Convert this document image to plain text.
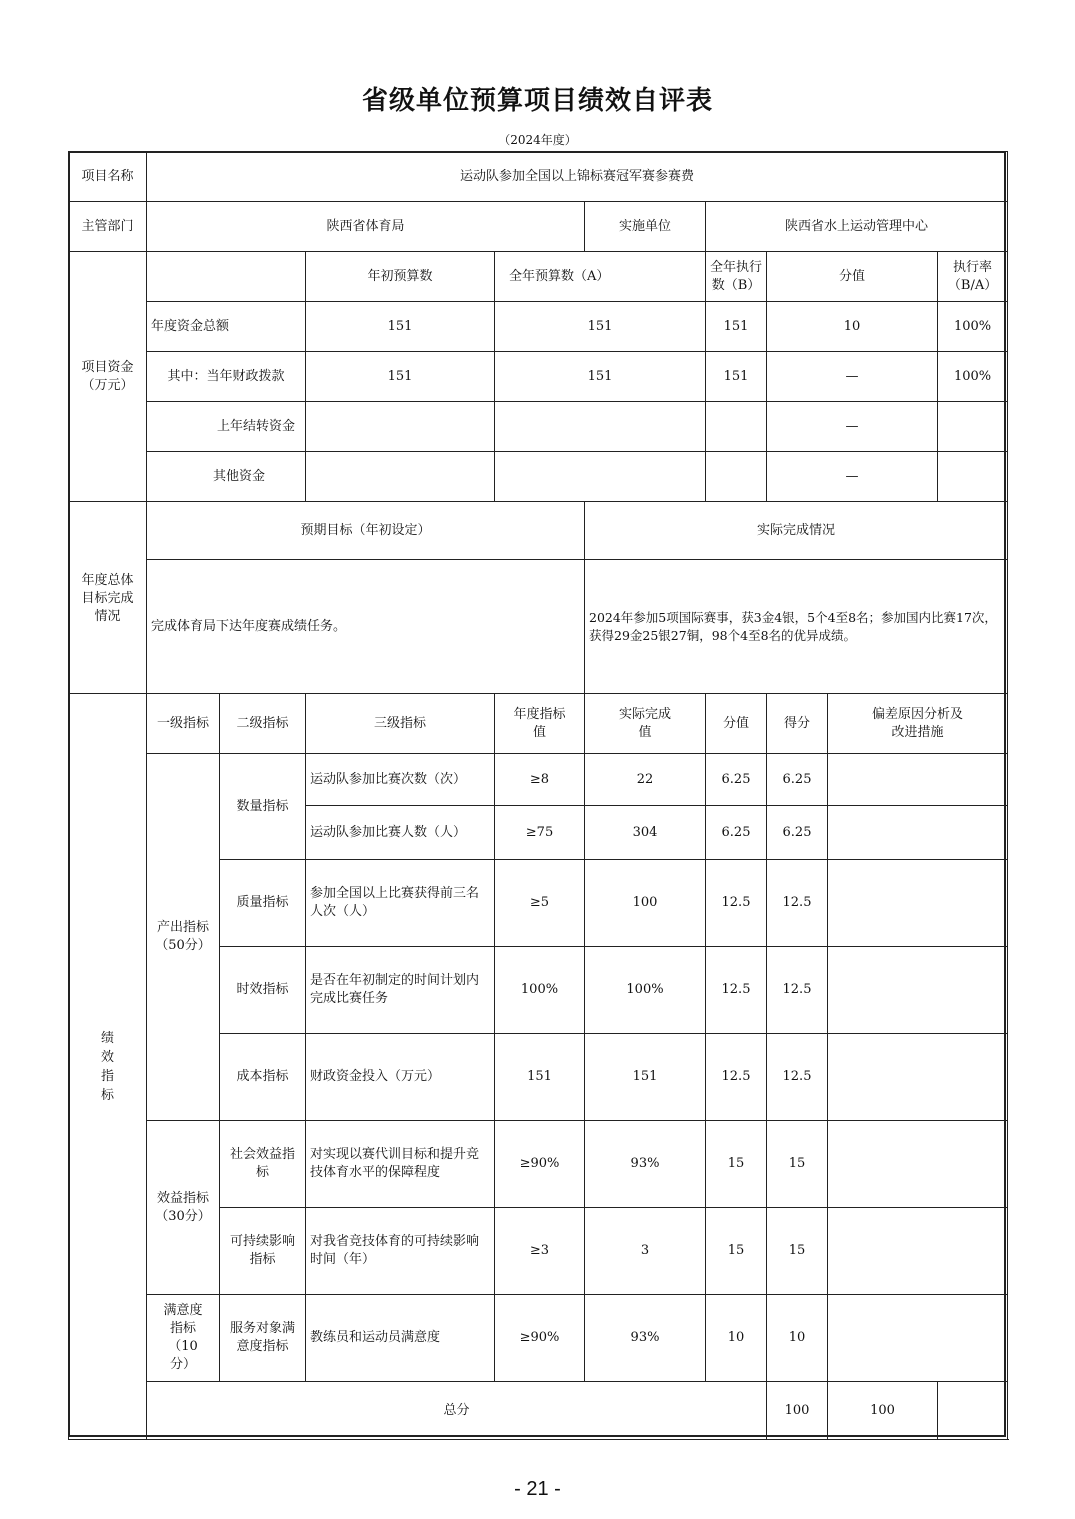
省级单位预算项目绩效自评表
（2024年度）
项目名称	运动队参加全国以上锦标赛冠军赛参赛费								
主管部门	陕西省体育局				实施单位	陕西省水上运动管理中心			
项目资金（万元）			年初预算数	全年预算数（A）		全年执行数（B）	分值		执行率（B/A）
	年度资金总额		151	151		151	10		100%
	其中：当年财政拨款		151	151		151	—		100%
	上年结转资金						—		
	其他资金						—		
年度总体目标完成情况	预期目标（年初设定）				实际完成情况				
	完成体育局下达年度赛成绩任务。				2024年参加5项国际赛事，获3金4银，5个4至8名；参加国内比赛17次，获得29金25银27铜，98个4至8名的优异成绩。				
绩效指标	一级指标	二级指标	三级指标	年度指标值	实际完成值	分值	得分	偏差原因分析及改进措施	
	产出指标（50分）	数量指标	运动队参加比赛次数（次）	≥8	22	6.25	6.25		
			运动队参加比赛人数（人）	≥75	304	6.25	6.25		
		质量指标	参加全国以上比赛获得前三名人次（人）	≥5	100	12.5	12.5		
		时效指标	是否在年初制定的时间计划内完成比赛任务	100%	100%	12.5	12.5		
		成本指标	财政资金投入（万元）	151	151	12.5	12.5		
	效益指标（30分）	社会效益指标	对实现以赛代训目标和提升竞技体育水平的保障程度	≥90%	93%	15	15		
		可持续影响指标	对我省竞技体育的可持续影响时间（年）	≥3	3	15	15		
	满意度指标（10分）	服务对象满意度指标	教练员和运动员满意度	≥90%	93%	10	10		
	总分						100	100	
- 21 -
